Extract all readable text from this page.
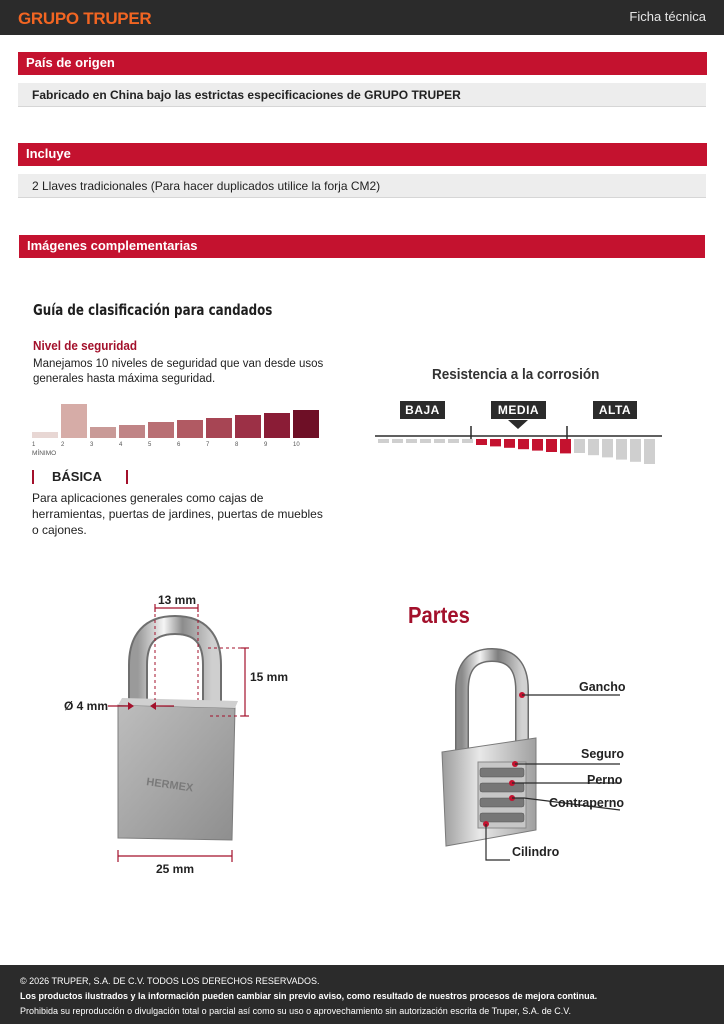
GRUPO TRUPER	Ficha técnica
País de origen
Fabricado en China bajo las estrictas especificaciones de GRUPO TRUPER
Incluye
2 Llaves tradicionales (Para hacer duplicados utilice la forja CM2)
Imágenes complementarias
Guía de clasificación para candados
Nivel de seguridad
Manejamos 10 niveles de seguridad que van desde usos generales hasta máxima seguridad.
1	2	3	4	5	6	7	8	9	10
MÍNIMO
BÁSICA
Para aplicaciones generales como cajas de herramientas, puertas de jardines, puertas de muebles o cajones.
Resistencia a la corrosión
BAJA	MEDIA	ALTA
HERMEX
13 mm
15 mm
Ø 4 mm
25 mm
Partes
Gancho
Seguro
Perno
Contraperno
Cilindro
© 2026 TRUPER, S.A. DE C.V. TODOS LOS DERECHOS RESERVADOS.
Los productos ilustrados y la información pueden cambiar sin previo aviso, como resultado de nuestros procesos de mejora continua.
Prohibida su reproducción o divulgación total o parcial así como su uso o aprovechamiento sin autorización escrita de Truper, S.A. de C.V.
